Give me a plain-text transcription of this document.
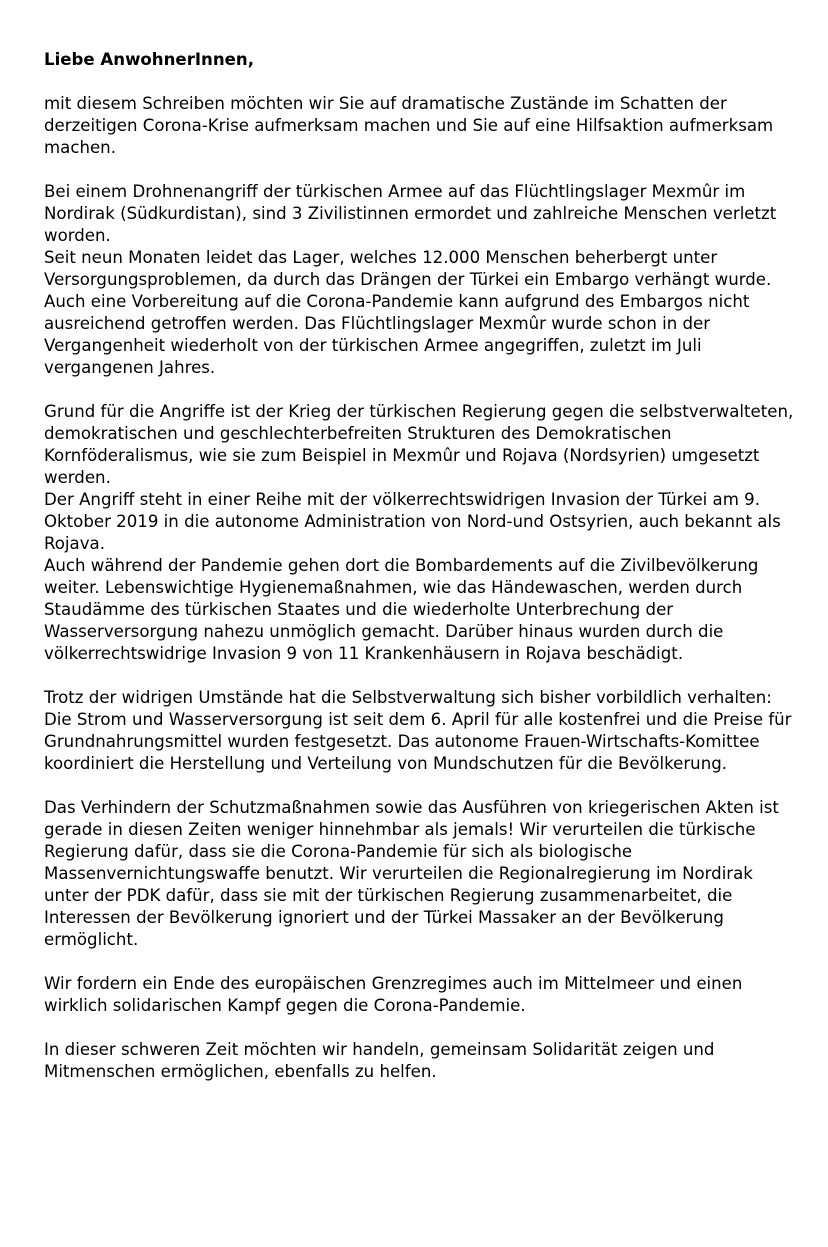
Liebe AnwohnerInnen,

mit diesem Schreiben möchten wir Sie auf dramatische Zustände im Schatten der
derzeitigen Corona-Krise aufmerksam machen und Sie auf eine Hilfsaktion aufmerksam
machen.

Bei einem Drohnenangriff der türkischen Armee auf das Flüchtlingslager Mexmûr im
Nordirak (Südkurdistan), sind 3 Zivilistinnen ermordet und zahlreiche Menschen verletzt
worden.
Seit neun Monaten leidet das Lager, welches 12.000 Menschen beherbergt unter
Versorgungsproblemen, da durch das Drängen der Türkei ein Embargo verhängt wurde.
Auch eine Vorbereitung auf die Corona-Pandemie kann aufgrund des Embargos nicht
ausreichend getroffen werden. Das Flüchtlingslager Mexmûr wurde schon in der
Vergangenheit wiederholt von der türkischen Armee angegriffen, zuletzt im Juli
vergangenen Jahres.

Grund für die Angriffe ist der Krieg der türkischen Regierung gegen die selbstverwalteten,
demokratischen und geschlechterbefreiten Strukturen des Demokratischen
Kornföderalismus, wie sie zum Beispiel in Mexmûr und Rojava (Nordsyrien) umgesetzt
werden.
Der Angriff steht in einer Reihe mit der völkerrechtswidrigen Invasion der Türkei am 9.
Oktober 2019 in die autonome Administration von Nord-und Ostsyrien, auch bekannt als
Rojava.
Auch während der Pandemie gehen dort die Bombardements auf die Zivilbevölkerung
weiter. Lebenswichtige Hygienemaßnahmen, wie das Händewaschen, werden durch
Staudämme des türkischen Staates und die wiederholte Unterbrechung der
Wasserversorgung nahezu unmöglich gemacht. Darüber hinaus wurden durch die
völkerrechtswidrige Invasion 9 von 11 Krankenhäusern in Rojava beschädigt.

Trotz der widrigen Umstände hat die Selbstverwaltung sich bisher vorbildlich verhalten:
Die Strom und Wasserversorgung ist seit dem 6. April für alle kostenfrei und die Preise für
Grundnahrungsmittel wurden festgesetzt. Das autonome Frauen-Wirtschafts-Komittee
koordiniert die Herstellung und Verteilung von Mundschutzen für die Bevölkerung.

Das Verhindern der Schutzmaßnahmen sowie das Ausführen von kriegerischen Akten ist
gerade in diesen Zeiten weniger hinnehmbar als jemals! Wir verurteilen die türkische
Regierung dafür, dass sie die Corona-Pandemie für sich als biologische
Massenvernichtungswaffe benutzt. Wir verurteilen die Regionalregierung im Nordirak
unter der PDK dafür, dass sie mit der türkischen Regierung zusammenarbeitet, die
Interessen der Bevölkerung ignoriert und der Türkei Massaker an der Bevölkerung
ermöglicht.

Wir fordern ein Ende des europäischen Grenzregimes auch im Mittelmeer und einen
wirklich solidarischen Kampf gegen die Corona-Pandemie.

In dieser schweren Zeit möchten wir handeln, gemeinsam Solidarität zeigen und
Mitmenschen ermöglichen, ebenfalls zu helfen.
